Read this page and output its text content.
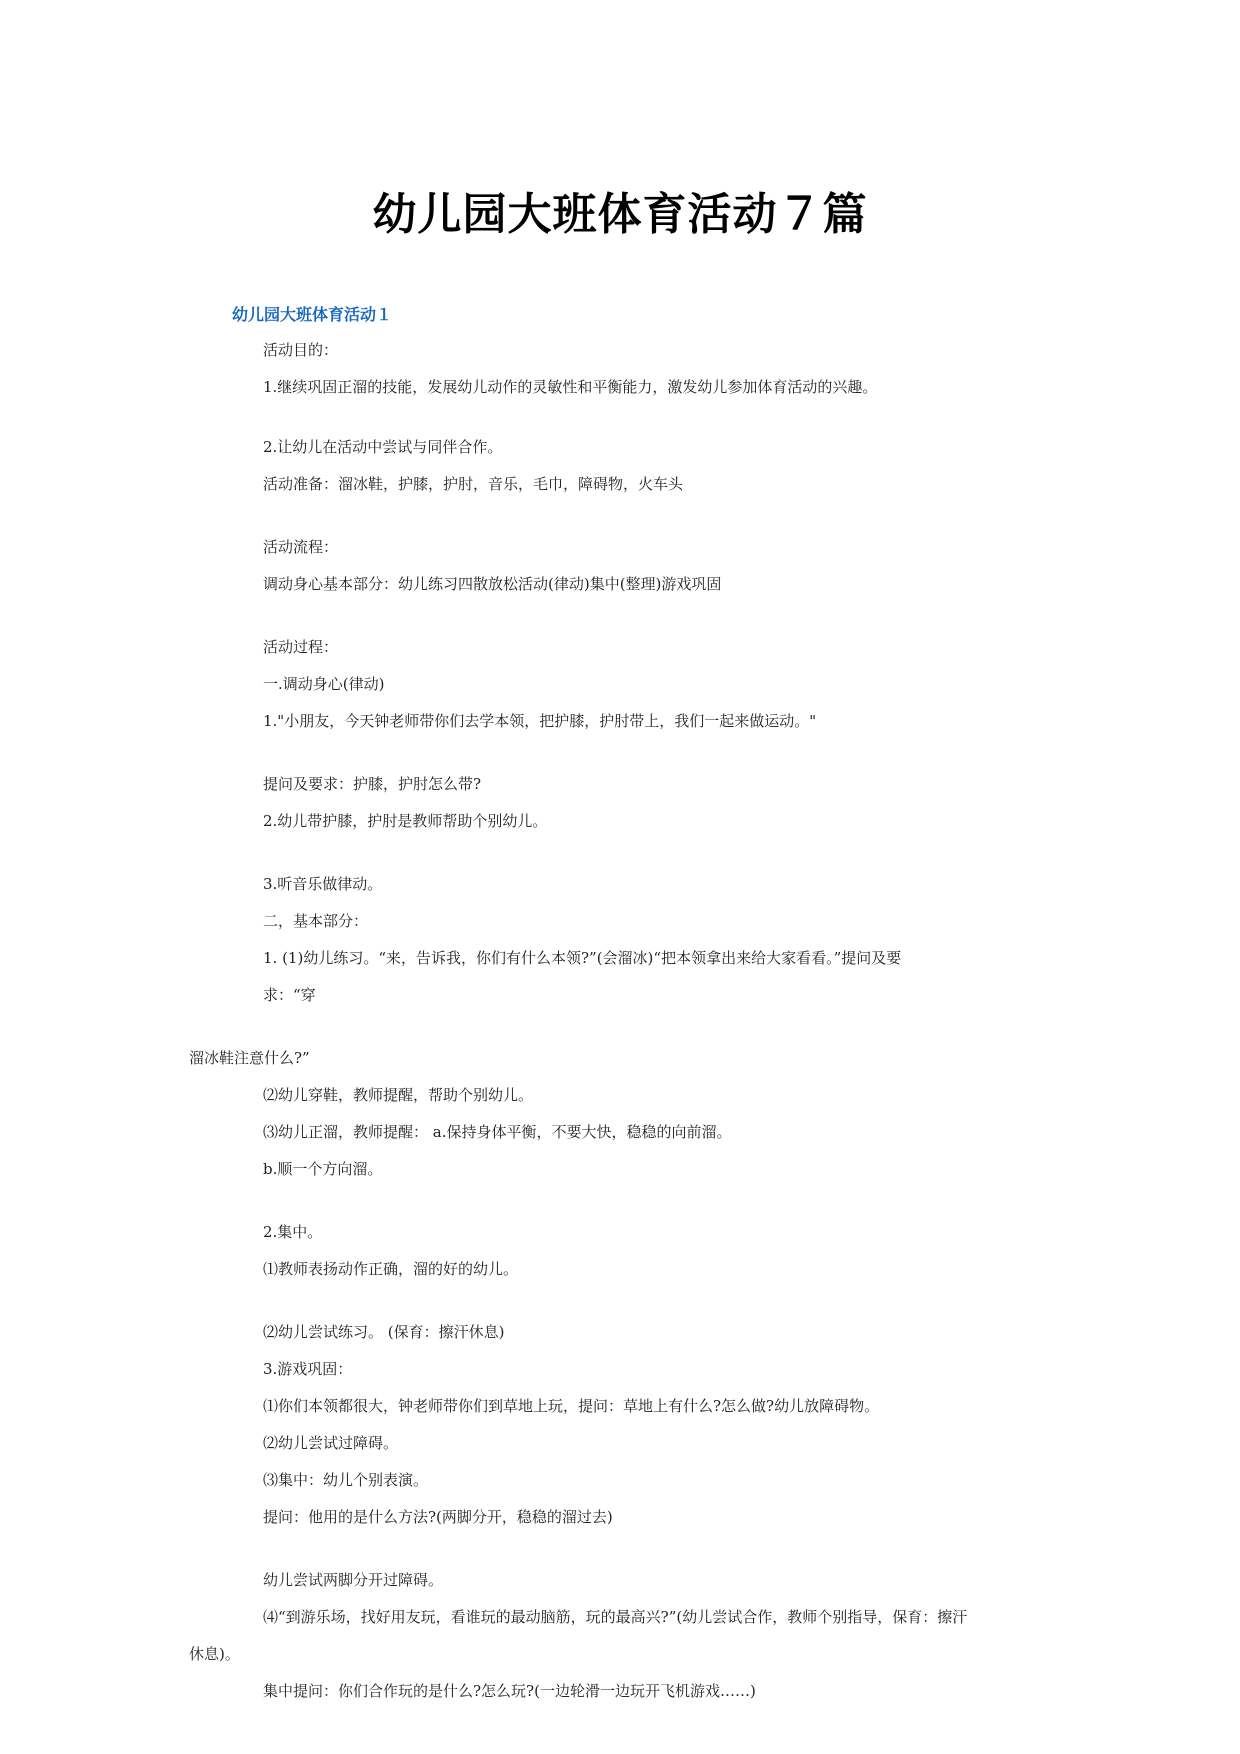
幼儿园大班体育活动７篇
幼儿园大班体育活动１

活动目的：

1.继续巩固正溜的技能，发展幼儿动作的灵敏性和平衡能力，激发幼儿参加体育活动的兴趣。

2.让幼儿在活动中尝试与同伴合作。

活动准备：溜冰鞋，护膝，护肘，音乐，毛巾，障碍物，火车头

活动流程：

调动身心基本部分：幼儿练习四散放松活动(律动)集中(整理)游戏巩固

活动过程：

一.调动身心(律动)

1."小朋友，今天钟老师带你们去学本领，把护膝，护肘带上，我们一起来做运动。"

提问及要求：护膝，护肘怎么带?

2.幼儿带护膝，护肘是教师帮助个别幼儿。

3.听音乐做律动。

二，基本部分：

1. (1)幼儿练习。“来，告诉我，你们有什么本领?”(会溜冰)“把本领拿出来给大家看看。”提问及要

求：“穿

溜冰鞋注意什么?”

⑵幼儿穿鞋，教师提醒，帮助个别幼儿。

⑶幼儿正溜，教师提醒： a.保持身体平衡，不要大快，稳稳的向前溜。

b.顺一个方向溜。

2.集中。

⑴教师表扬动作正确，溜的好的幼儿。

⑵幼儿尝试练习。 (保育：擦汗休息)

3.游戏巩固：

⑴你们本领都很大，钟老师带你们到草地上玩，提问：草地上有什么?怎么做?幼儿放障碍物。

⑵幼儿尝试过障碍。

⑶集中：幼儿个别表演。

提问：他用的是什么方法?(两脚分开，稳稳的溜过去)

幼儿尝试两脚分开过障碍。

⑷“到游乐场，找好用友玩，看谁玩的最动脑筋，玩的最高兴?”(幼儿尝试合作，教师个别指导，保育：擦汗

休息)。

集中提问：你们合作玩的是什么?怎么玩?(一边轮滑一边玩开飞机游戏……)
